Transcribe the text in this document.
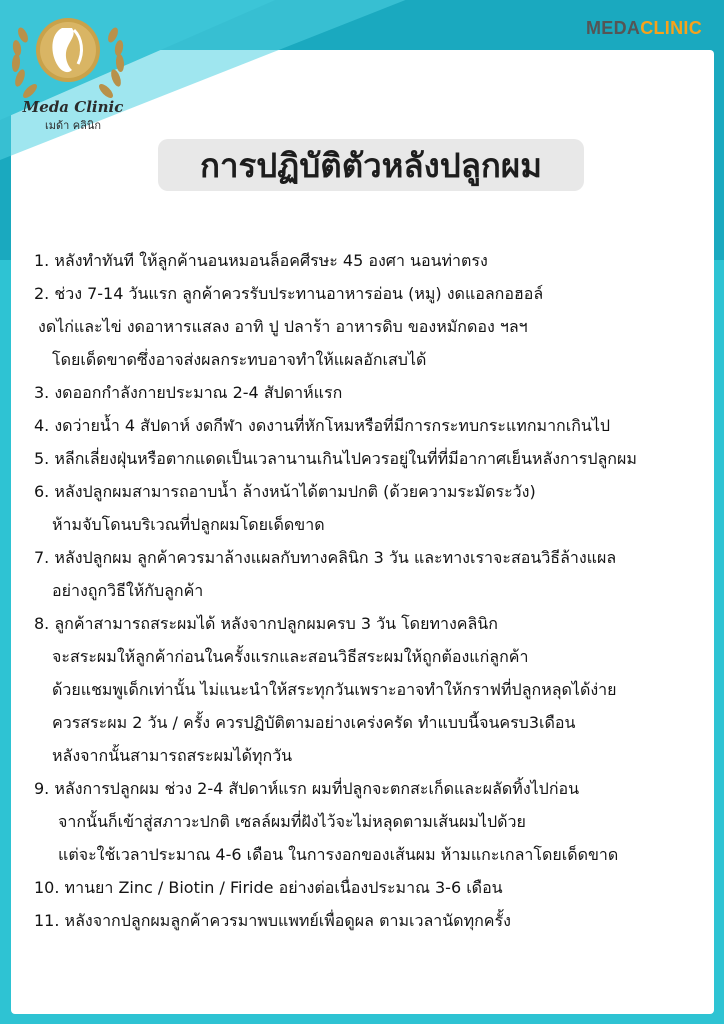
Meda Clinic
เมด้า คลินิก
MEDACLINIC
การปฏิบัติตัวหลังปลูกผม
1. หลังทำทันที ให้ลูกค้านอนหมอนล็อคศีรษะ 45 องศา นอนท่าตรง
2. ช่วง 7-14 วันแรก ลูกค้าควรรับประทานอาหารอ่อน (หมู) งดแอลกอฮอล์
งดไก่และไข่ งดอาหารแสลง อาทิ ปู ปลาร้า อาหารดิบ ของหมักดอง ฯลฯ
โดยเด็ดขาดซึ่งอาจส่งผลกระทบอาจทำให้แผลอักเสบได้
3. งดออกกำลังกายประมาณ 2-4 สัปดาห์แรก
4. งดว่ายน้ำ 4 สัปดาห์ งดกีฬา งดงานที่หักโหมหรือที่มีการกระทบกระแทกมากเกินไป
5. หลีกเลี่ยงฝุ่นหรือตากแดดเป็นเวลานานเกินไปควรอยู่ในที่ที่มีอากาศเย็นหลังการปลูกผม
6. หลังปลูกผมสามารถอาบน้ำ ล้างหน้าได้ตามปกติ (ด้วยความระมัดระวัง)
ห้ามจับโดนบริเวณที่ปลูกผมโดยเด็ดขาด
7. หลังปลูกผม ลูกค้าควรมาล้างแผลกับทางคลินิก 3 วัน และทางเราจะสอนวิธีล้างแผล
อย่างถูกวิธีให้กับลูกค้า
8. ลูกค้าสามารถสระผมได้ หลังจากปลูกผมครบ 3 วัน โดยทางคลินิก
จะสระผมให้ลูกค้าก่อนในครั้งแรกและสอนวิธีสระผมให้ถูกต้องแก่ลูกค้า
ด้วยแชมพูเด็กเท่านั้น ไม่แนะนำให้สระทุกวันเพราะอาจทำให้กราฟที่ปลูกหลุดได้ง่าย
ควรสระผม 2 วัน / ครั้ง ควรปฏิบัติตามอย่างเคร่งครัด ทำแบบนี้จนครบ3เดือน
หลังจากนั้นสามารถสระผมได้ทุกวัน
9. หลังการปลูกผม ช่วง 2-4 สัปดาห์แรก ผมที่ปลูกจะตกสะเก็ดและผลัดทิ้งไปก่อน
จากนั้นก็เข้าสู่สภาวะปกติ เซลล์ผมที่ฝังไว้จะไม่หลุดตามเส้นผมไปด้วย
แต่จะใช้เวลาประมาณ 4-6 เดือน ในการงอกของเส้นผม ห้ามแกะเกลาโดยเด็ดขาด
10. ทานยา Zinc / Biotin / Firide อย่างต่อเนื่องประมาณ 3-6 เดือน
11. หลังจากปลูกผมลูกค้าควรมาพบแพทย์เพื่อดูผล ตามเวลานัดทุกครั้ง
